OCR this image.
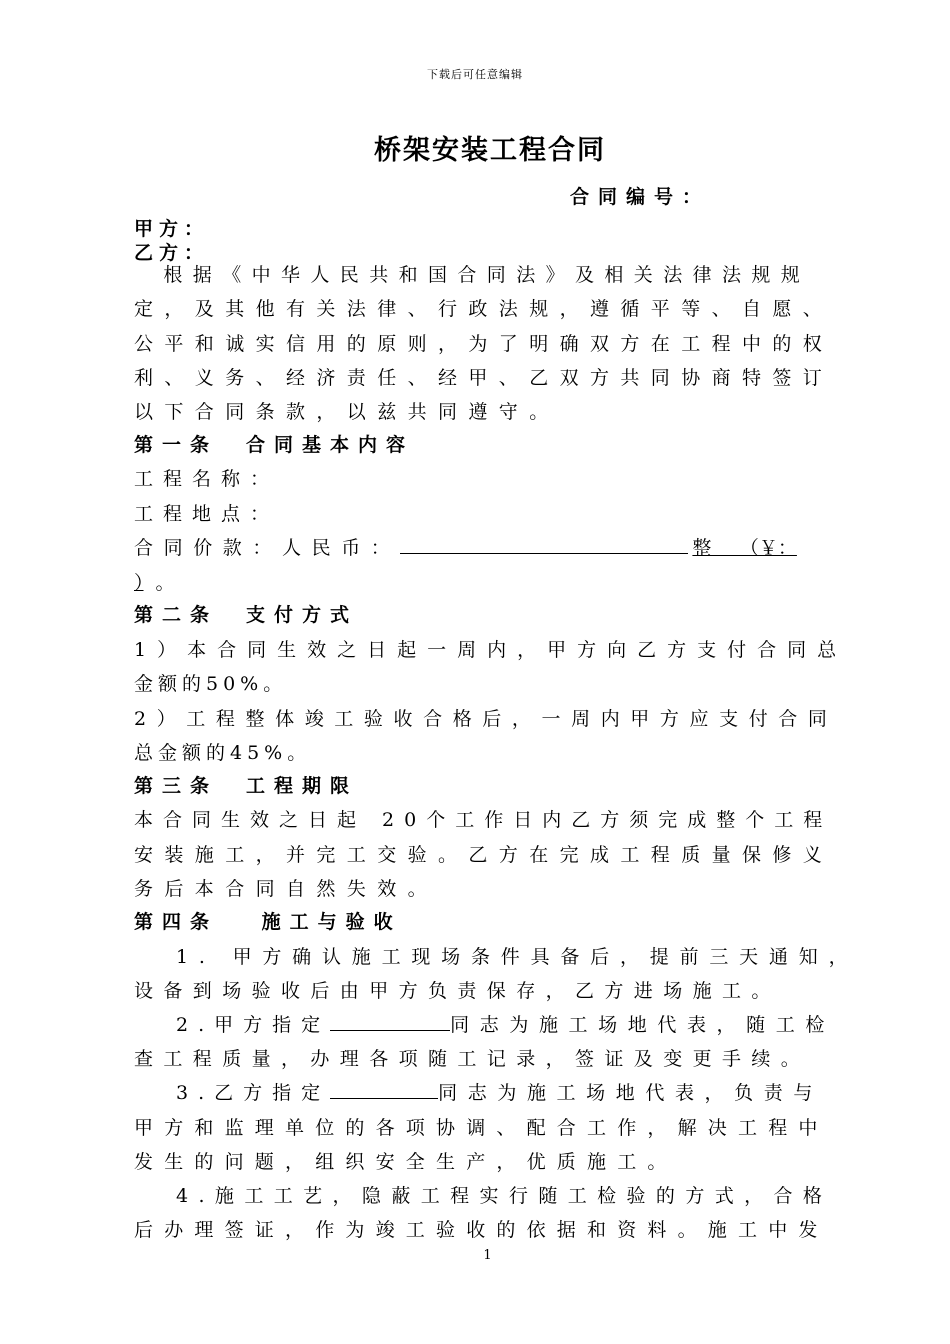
下载后可任意编辑
桥架安装工程合同
合同编号：
甲方：
乙方：
　根据《中华人民共和国合同法》及相关法律法规规
定，及其他有关法律、行政法规，遵循平等、自愿、
公平和诚实信用的原则，为了明确双方在工程中的权
利、义务、经济责任、经甲、乙双方共同协商特签订
以下合同条款，以兹共同遵守。
第一条　合同基本内容
工程名称：
工程地点：
合同价款：人民币：	整　　（￥：
） 。
第二条　支付方式
1）本合同生效之日起一周内，甲方向乙方支付合同总
金额的50%。
2）工程整体竣工验收合格后，一周内甲方应支付合同
总金额的45%。
第三条　工程期限
本合同生效之日起 20个工作日内乙方须完成整个工程
安装施工，并完工交验。乙方在完成工程质量保修义
务后本合同自然失效。
第四条　 施工与验收
1. 甲方确认施工现场条件具备后，提前三天通知，
设备到场验收后由甲方负责保存，乙方进场施工。
2.甲方指定	同志为施工场地代表，随工检
查工程质量，办理各项随工记录，签证及变更手续。
3.乙方指定	同志为施工场地代表，负责与
甲方和监理单位的各项协调、配合工作，解决工程中
发生的问题，组织安全生产，优质施工。
4.施工工艺，隐蔽工程实行随工检验的方式，合格
后办理签证，作为竣工验收的依据和资料。施工中发
1
